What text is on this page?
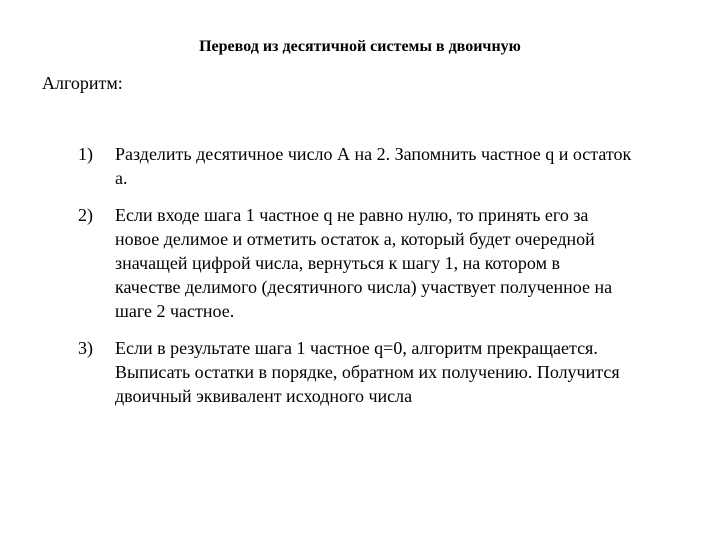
Перевод из десятичной системы в двоичную
Алгоритм:
1)	Разделить десятичное число А на 2. Запомнить частное q и остаток
а.
2)	Если входе шага 1 частное q не равно нулю, то принять его за
новое делимое и отметить остаток а, который будет очередной
значащей цифрой числа, вернуться к шагу 1, на котором в
качестве делимого (десятичного числа) участвует полученное на
шаге 2 частное.
3)	Если в результате шага 1 частное q=0, алгоритм прекращается.
Выписать остатки в порядке, обратном их получению. Получится
двоичный эквивалент исходного числа
